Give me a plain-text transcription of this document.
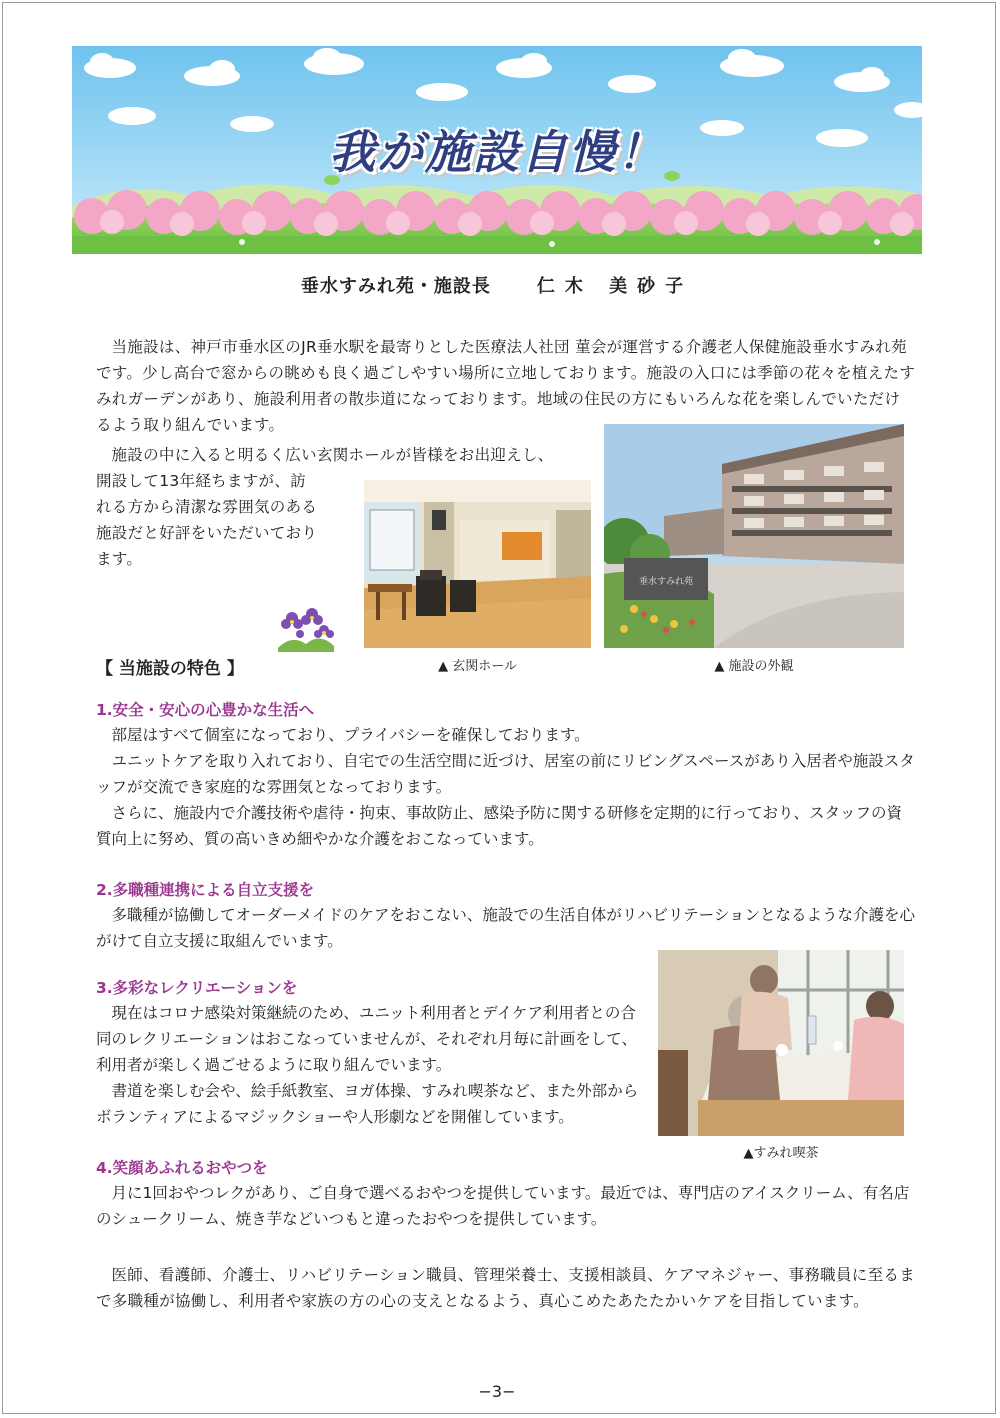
我が施設自慢！
垂水すみれ苑・施設長	仁木 美砂子

当施設は、神戸市垂水区のJR垂水駅を最寄りとした医療法人社団 菫会が運営する介護老人保健施設垂水すみれ苑です。少し高台で窓からの眺めも良く過ごしやすい場所に立地しております。施設の入口には季節の花々を植えたすみれガーデンがあり、施設利用者の散歩道になっております。地域の住民の方にもいろんな花を楽しんでいただけるよう取り組んでいます。

施設の中に入ると明るく広い玄関ホールが皆様をお出迎えし、

開設して13年経ちますが、訪れる方から清潔な雰囲気のある施設だと好評をいただいております。

▲ 玄関ホール
垂水すみれ苑
▲ 施設の外観
【 当施設の特色 】
1.安全・安心の心豊かな生活へ

部屋はすべて個室になっており、プライバシーを確保しております。

ユニットケアを取り入れており、自宅での生活空間に近づけ、居室の前にリビングスペースがあり入居者や施設スタッフが交流でき家庭的な雰囲気となっております。

さらに、施設内で介護技術や虐待・拘束、事故防止、感染予防に関する研修を定期的に行っており、スタッフの資質向上に努め、質の高いきめ細やかな介護をおこなっています。

2.多職種連携による自立支援を

多職種が協働してオーダーメイドのケアをおこない、施設での生活自体がリハビリテーションとなるような介護を心がけて自立支援に取組んでいます。

3.多彩なレクリエーションを

現在はコロナ感染対策継続のため、ユニット利用者とデイケア利用者との合同のレクリエーションはおこなっていませんが、それぞれ月毎に計画をして、利用者が楽しく過ごせるように取り組んでいます。

書道を楽しむ会や、絵手紙教室、ヨガ体操、すみれ喫茶など、また外部からボランティアによるマジックショーや人形劇などを開催しています。

▲すみれ喫茶
4.笑顔あふれるおやつを

月に1回おやつレクがあり、ご自身で選べるおやつを提供しています。最近では、専門店のアイスクリーム、有名店のシュークリーム、焼き芋などいつもと違ったおやつを提供しています。

医師、看護師、介護士、リハビリテーション職員、管理栄養士、支援相談員、ケアマネジャー、事務職員に至るまで多職種が協働し、利用者や家族の方の心の支えとなるよう、真心こめたあたたかいケアを目指しています。

−3−
